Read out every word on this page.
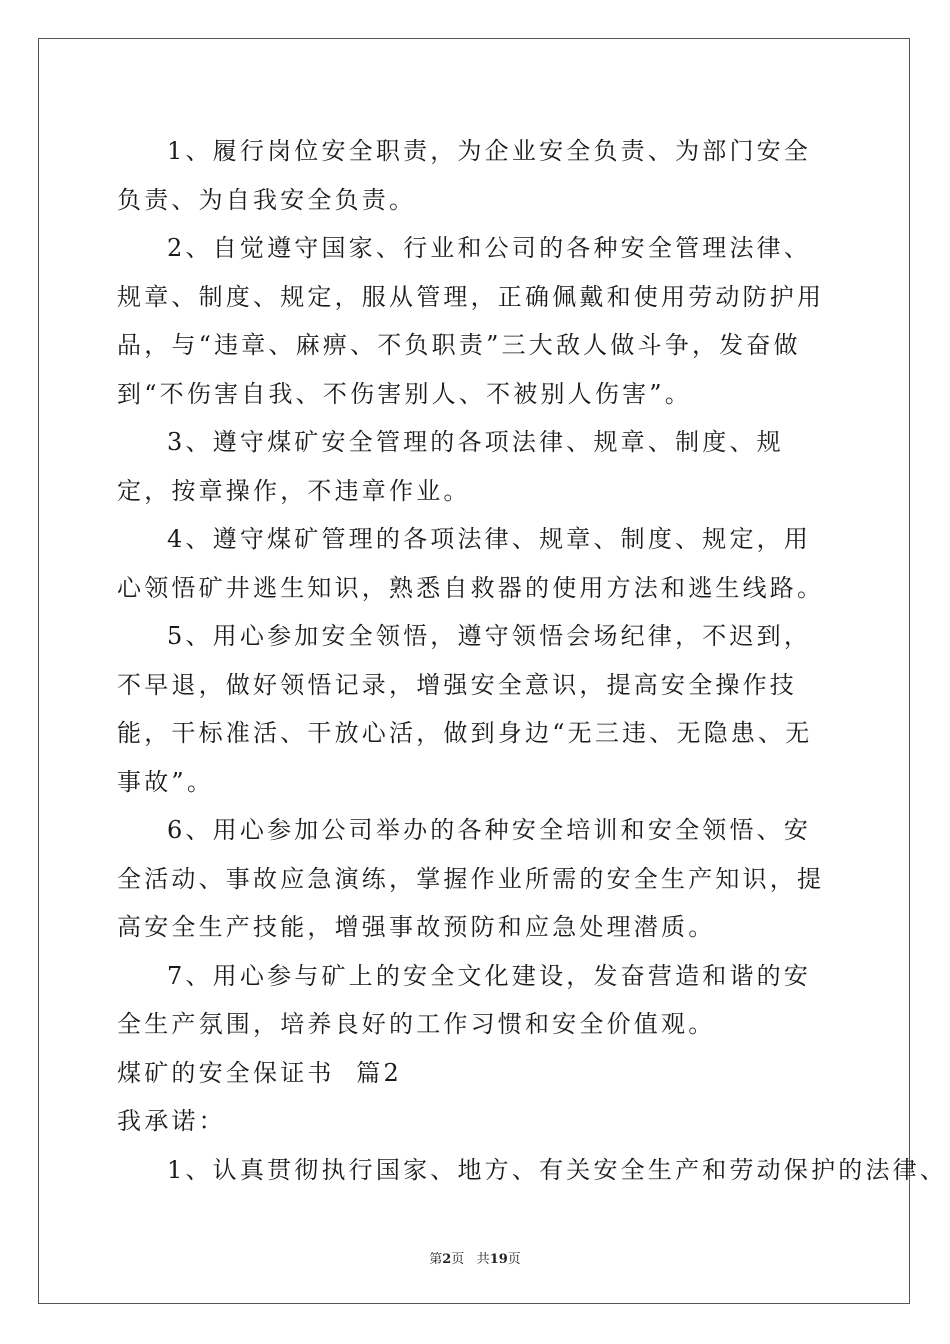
1、履行岗位安全职责，为企业安全负责、为部门安全负责、为自我安全负责。

2、自觉遵守国家、行业和公司的各种安全管理法律、规章、制度、规定，服从管理，正确佩戴和使用劳动防护用品，与“违章、麻痹、不负职责”三大敌人做斗争，发奋做到“不伤害自我、不伤害别人、不被别人伤害”。

3、遵守煤矿安全管理的各项法律、规章、制度、规定，按章操作，不违章作业。

4、遵守煤矿管理的各项法律、规章、制度、规定，用心领悟矿井逃生知识，熟悉自救器的使用方法和逃生线路。

5、用心参加安全领悟，遵守领悟会场纪律，不迟到，不早退，做好领悟记录，增强安全意识，提高安全操作技能，干标准活、干放心活，做到身边“无三违、无隐患、无事故”。

6、用心参加公司举办的各种安全培训和安全领悟、安全活动、事故应急演练，掌握作业所需的安全生产知识，提高安全生产技能，增强事故预防和应急处理潜质。

7、用心参与矿上的安全文化建设，发奋营造和谐的安全生产氛围，培养良好的工作习惯和安全价值观。

煤矿的安全保证书  篇2

我承诺：

1、认真贯彻执行国家、地方、有关安全生产和劳动保护的法律、

第2页 共19页
